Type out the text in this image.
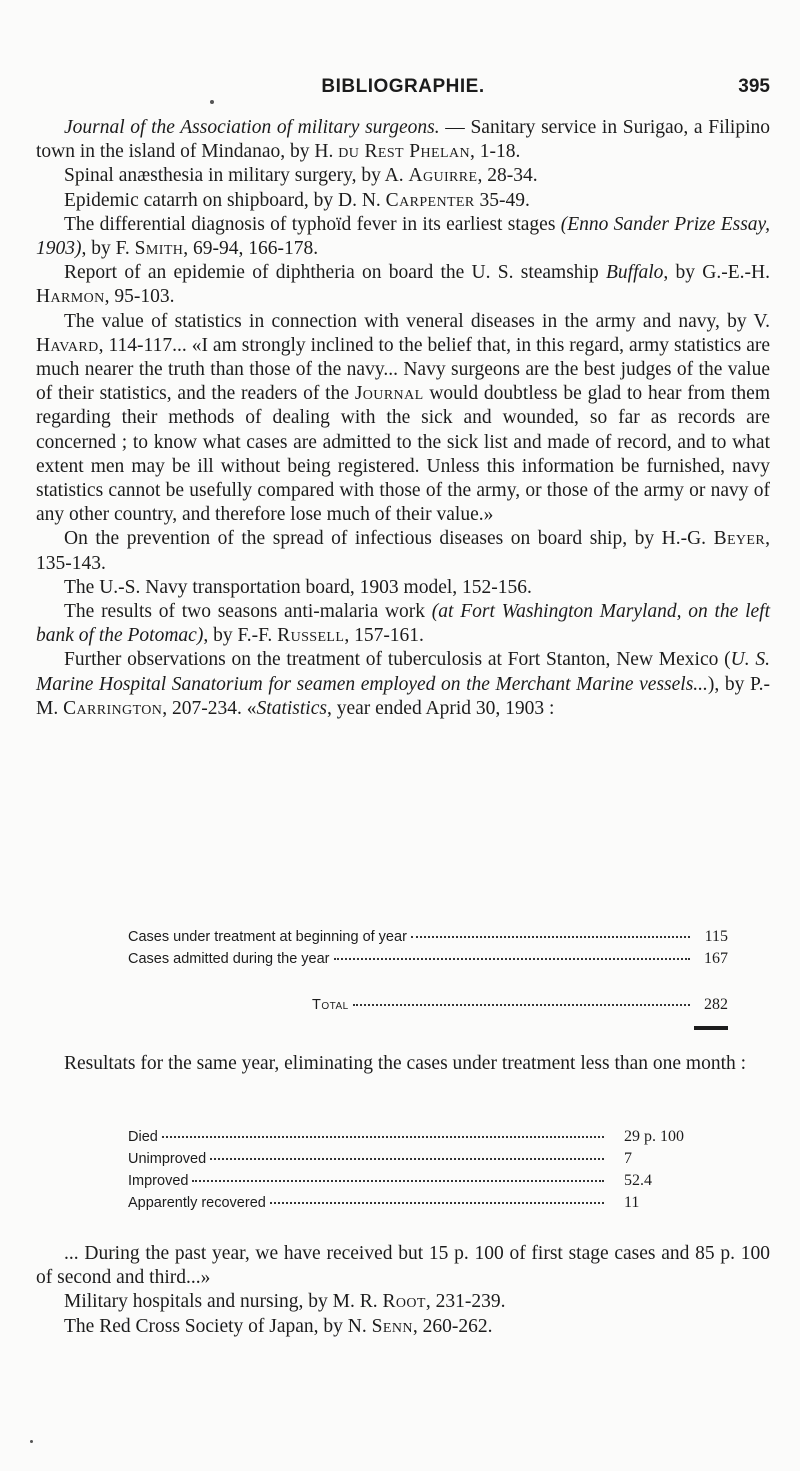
BIBLIOGRAPHIE.	395

Journal of the Association of military surgeons. — Sanitary service in Surigao, a Filipino town in the island of Mindanao, by H. du Rest Phelan, 1-18.

Spinal anæsthesia in military surgery, by A. Aguirre, 28-34.

Epidemic catarrh on shipboard, by D. N. Carpenter 35-49.

The differential diagnosis of typhoïd fever in its earliest stages (Enno Sander Prize Essay, 1903), by F. Smith, 69-94, 166-178.

Report of an epidemie of diphtheria on board the U. S. steamship Buffalo, by G.-E.-H. Harmon, 95-103.

The value of statistics in connection with veneral diseases in the army and navy, by V. Havard, 114-117... «I am strongly inclined to the belief that, in this regard, army statistics are much nearer the truth than those of the navy... Navy surgeons are the best judges of the value of their statistics, and the readers of the Journal would doubtless be glad to hear from them regarding their methods of dealing with the sick and wounded, so far as records are concerned ; to know what cases are admitted to the sick list and made of record, and to what extent men may be ill without being registered. Unless this information be furnished, navy statistics cannot be usefully compared with those of the army, or those of the army or navy of any other country, and therefore lose much of their value.»

On the prevention of the spread of infectious diseases on board ship, by H.-G. Beyer, 135-143.

The U.-S. Navy transportation board, 1903 model, 152-156.

The results of two seasons anti-malaria work (at Fort Washington Maryland, on the left bank of the Potomac), by F.-F. Russell, 157-161.

Further observations on the treatment of tuberculosis at Fort Stanton, New Mexico (U. S. Marine Hospital Sanatorium for seamen employed on the Merchant Marine vessels...), by P.-M. Carrington, 207-234. «Statistics, year ended Aprid 30, 1903 :

Cases under treatment at beginning of year	115
Cases admitted during the year	167
Total	282

Resultats for the same year, eliminating the cases under treatment less than one month :

Died	29 p. 100
Unimproved	7
Improved	52.4
Apparently recovered	11

... During the past year, we have received but 15 p. 100 of first stage cases and 85 p. 100 of second and third...»

Military hospitals and nursing, by M. R. Root, 231-239.

The Red Cross Society of Japan, by N. Senn, 260-262.
